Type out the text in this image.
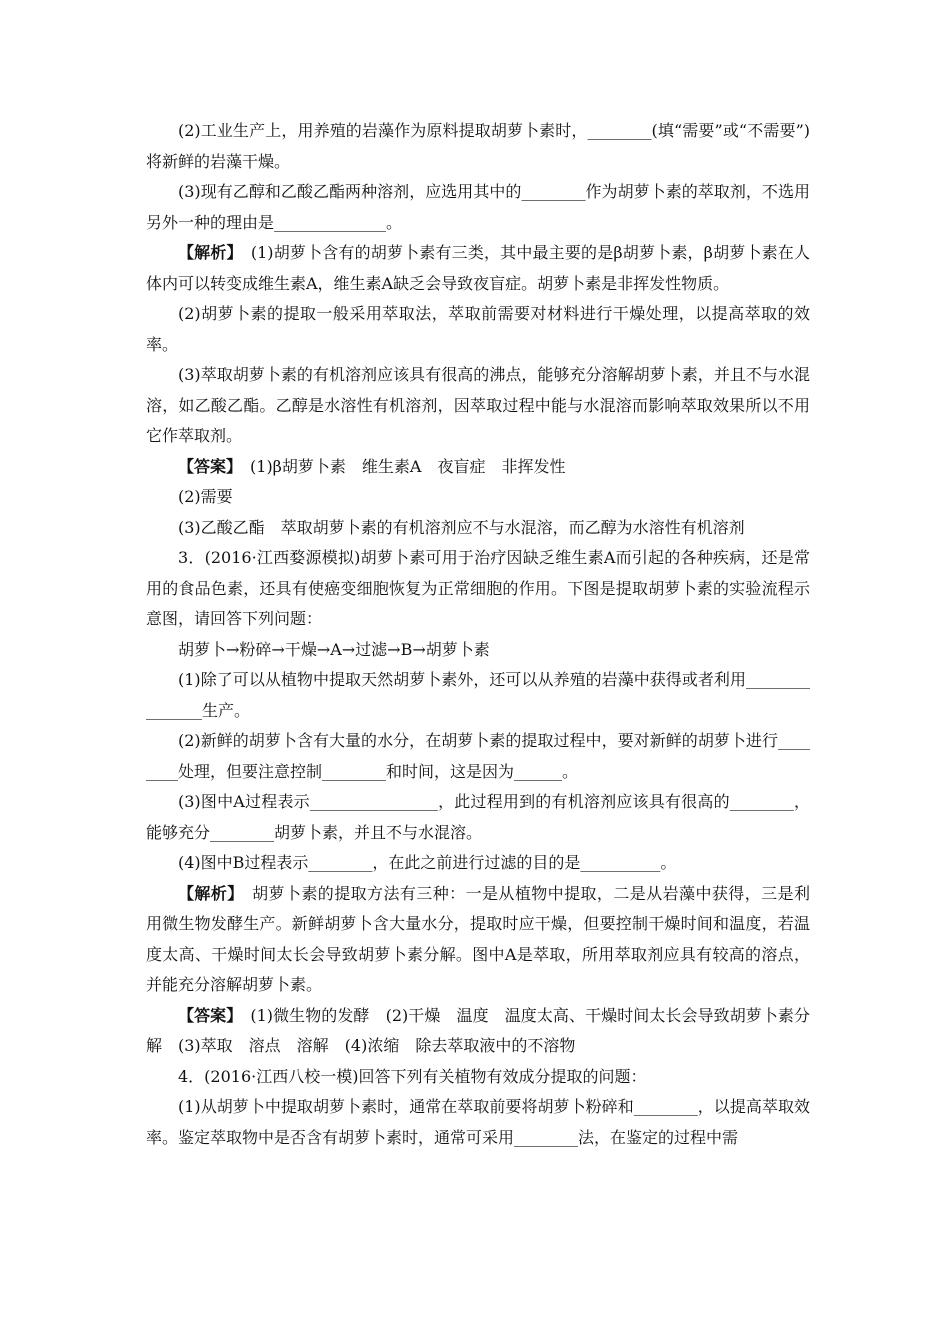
(2)工业生产上，用养殖的岩藻作为原料提取胡萝卜素时，________(填“需要”或“不需要”)将新鲜的岩藻干燥。

(3)现有乙醇和乙酸乙酯两种溶剂，应选用其中的________作为胡萝卜素的萃取剂，不选用另外一种的理由是______________。

【解析】　(1)胡萝卜含有的胡萝卜素有三类，其中最主要的是β胡萝卜素，β胡萝卜素在人体内可以转变成维生素A，维生素A缺乏会导致夜盲症。胡萝卜素是非挥发性物质。

(2)胡萝卜素的提取一般采用萃取法，萃取前需要对材料进行干燥处理，以提高萃取的效率。

(3)萃取胡萝卜素的有机溶剂应该具有很高的沸点，能够充分溶解胡萝卜素，并且不与水混溶，如乙酸乙酯。乙醇是水溶性有机溶剂，因萃取过程中能与水混溶而影响萃取效果所以不用它作萃取剂。

【答案】　(1)β胡萝卜素　维生素A　夜盲症　非挥发性

(2)需要

(3)乙酸乙酯　萃取胡萝卜素的有机溶剂应不与水混溶，而乙醇为水溶性有机溶剂

3．(2016·江西婺源模拟)胡萝卜素可用于治疗因缺乏维生素A而引起的各种疾病，还是常用的食品色素，还具有使癌变细胞恢复为正常细胞的作用。下图是提取胡萝卜素的实验流程示意图，请回答下列问题：

胡萝卜→粉碎→干燥→A→过滤→B→胡萝卜素

(1)除了可以从植物中提取天然胡萝卜素外，还可以从养殖的岩藻中获得或者利用_______________生产。

(2)新鲜的胡萝卜含有大量的水分，在胡萝卜素的提取过程中，要对新鲜的胡萝卜进行________处理，但要注意控制________和时间，这是因为______。

(3)图中A过程表示________________，此过程用到的有机溶剂应该具有很高的________，能够充分________胡萝卜素，并且不与水混溶。

(4)图中B过程表示________，在此之前进行过滤的目的是__________。

【解析】　胡萝卜素的提取方法有三种：一是从植物中提取，二是从岩藻中获得，三是利用微生物发酵生产。新鲜胡萝卜含大量水分，提取时应干燥，但要控制干燥时间和温度，若温度太高、干燥时间太长会导致胡萝卜素分解。图中A是萃取，所用萃取剂应具有较高的溶点，并能充分溶解胡萝卜素。

【答案】　(1)微生物的发酵　(2)干燥　温度　温度太高、干燥时间太长会导致胡萝卜素分解　(3)萃取　溶点　溶解　(4)浓缩　除去萃取液中的不溶物

4．(2016·江西八校一模)回答下列有关植物有效成分提取的问题：

(1)从胡萝卜中提取胡萝卜素时，通常在萃取前要将胡萝卜粉碎和________，以提高萃取效率。鉴定萃取物中是否含有胡萝卜素时，通常可采用________法，在鉴定的过程中需
